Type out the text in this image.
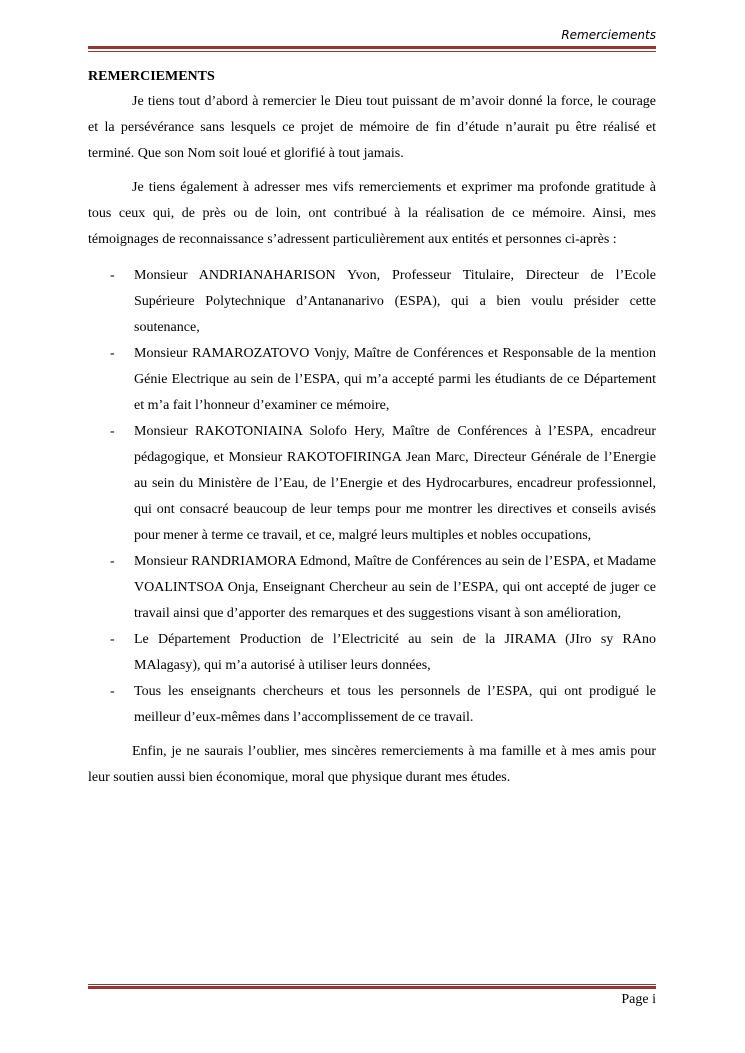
Remerciements
REMERCIEMENTS

Je tiens tout d’abord à remercier le Dieu tout puissant de m’avoir donné la force, le courage et la persévérance sans lesquels ce projet de mémoire de fin d’étude n’aurait pu être réalisé et terminé. Que son Nom soit loué et glorifié à tout jamais.

Je tiens également à adresser mes vifs remerciements et exprimer ma profonde gratitude à tous ceux qui, de près ou de loin, ont contribué à la réalisation de ce mémoire. Ainsi, mes témoignages de reconnaissance s’adressent particulièrement aux entités et personnes ci-après :

- Monsieur ANDRIANAHARISON Yvon, Professeur Titulaire, Directeur de l’Ecole Supérieure Polytechnique d’Antananarivo (ESPA), qui a bien voulu présider cette soutenance,
- Monsieur RAMAROZATOVO Vonjy, Maître de Conférences et Responsable de la mention Génie Electrique au sein de l’ESPA, qui m’a accepté parmi les étudiants de ce Département et m’a fait l’honneur d’examiner ce mémoire,
- Monsieur RAKOTONIAINA Solofo Hery, Maître de Conférences à l’ESPA, encadreur pédagogique, et Monsieur RAKOTOFIRINGA Jean Marc, Directeur Générale de l’Energie au sein du Ministère de l’Eau, de l’Energie et des Hydrocarbures, encadreur professionnel, qui ont consacré beaucoup de leur temps pour me montrer les directives et conseils avisés pour mener à terme ce travail, et ce, malgré leurs multiples et nobles occupations,
- Monsieur RANDRIAMORA Edmond, Maître de Conférences au sein de l’ESPA, et Madame VOALINTSOA Onja, Enseignant Chercheur au sein de l’ESPA, qui ont accepté de juger ce travail ainsi que d’apporter des remarques et des suggestions visant à son amélioration,
- Le Département Production de l’Electricité au sein de la JIRAMA (JIro sy RAno MAlagasy), qui m’a autorisé à utiliser leurs données,
- Tous les enseignants chercheurs et tous les personnels de l’ESPA, qui ont prodigué le meilleur d’eux-mêmes dans l’accomplissement de ce travail.

Enfin, je ne saurais l’oublier, mes sincères remerciements à ma famille et à mes amis pour leur soutien aussi bien économique, moral que physique durant mes études.

Page i
